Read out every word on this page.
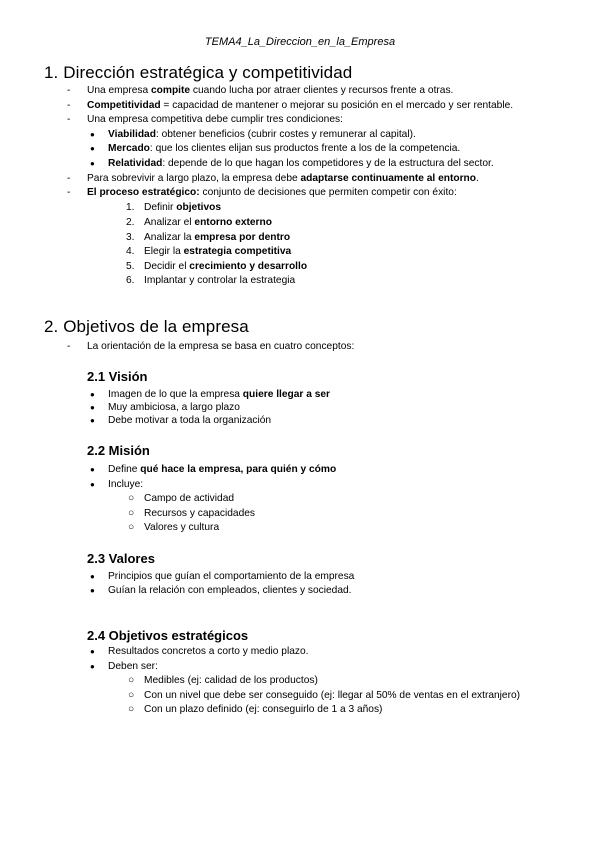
TEMA4_La_Direccion_en_la_Empresa
1. Dirección estratégica y competitividad
- Una empresa compite cuando lucha por atraer clientes y recursos frente a otras.
- Competitividad = capacidad de mantener o mejorar su posición en el mercado y ser rentable.
- Una empresa competitiva debe cumplir tres condiciones:
● Viabilidad: obtener beneficios (cubrir costes y remunerar al capital).
● Mercado: que los clientes elijan sus productos frente a los de la competencia.
● Relatividad: depende de lo que hagan los competidores y de la estructura del sector.
- Para sobrevivir a largo plazo, la empresa debe adaptarse continuamente al entorno.
- El proceso estratégico: conjunto de decisiones que permiten competir con éxito:
1. Definir objetivos
2. Analizar el entorno externo
3. Analizar la empresa por dentro
4. Elegir la estrategia competitiva
5. Decidir el crecimiento y desarrollo
6. Implantar y controlar la estrategia
2. Objetivos de la empresa
- La orientación de la empresa se basa en cuatro conceptos:
2.1 Visión
● Imagen de lo que la empresa quiere llegar a ser
● Muy ambiciosa, a largo plazo
● Debe motivar a toda la organización
2.2 Misión
● Define qué hace la empresa, para quién y cómo
● Incluye:
○ Campo de actividad
○ Recursos y capacidades
○ Valores y cultura
2.3 Valores
● Principios que guían el comportamiento de la empresa
● Guían la relación con empleados, clientes y sociedad.
2.4 Objetivos estratégicos
● Resultados concretos a corto y medio plazo.
● Deben ser:
○ Medibles (ej: calidad de los productos)
○ Con un nivel que debe ser conseguido (ej: llegar al 50% de ventas en el extranjero)
○ Con un plazo definido (ej: conseguirlo de 1 a 3 años)
